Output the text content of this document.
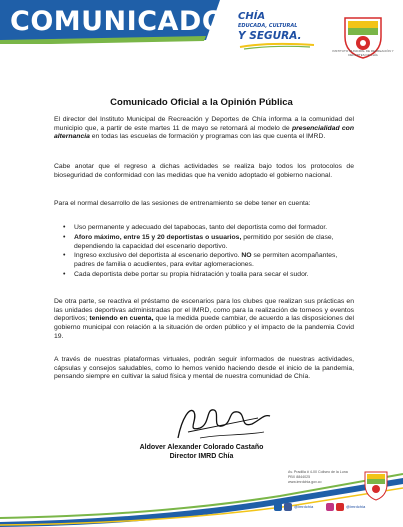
COMUNICADO CHÍA
EDUCADA, CULTURAL
Y SEGURA.
INSTITUTO MUNICIPAL DE RECREACIÓN Y DEPORTES DE CHÍA
Comunicado Oficial a la Opinión Pública
El director del Instituto Municipal de Recreación y Deportes de Chía informa a la comunidad del municipio que, a partir de este martes 11 de mayo se retornará al modelo de presencialidad con alternancia en todas las escuelas de formación y programas con las que cuenta el IMRD.
Cabe anotar que el regreso a dichas actividades se realiza bajo todos los protocolos de bioseguridad de conformidad con las medidas que ha venido adoptado el gobierno nacional.
Para el normal desarrollo de las sesiones de entrenamiento se debe tener en cuenta:
• Uso permanente y adecuado del tapabocas, tanto del deportista como del formador.
• Aforo máximo, entre 15 y 20 deportistas o usuarios, permitido por sesión de clase, dependiendo la capacidad del escenario deportivo.
• Ingreso exclusivo del deportista al escenario deportivo. NO se permiten acompañantes, padres de familia o acudientes, para evitar aglomeraciones.
• Cada deportista debe portar su propia hidratación y toalla para secar el sudor.
De otra parte, se reactiva el préstamo de escenarios para los clubes que realizan sus prácticas en las unidades deportivas administradas por el IMRD, como para la realización de torneos y eventos deportivos; teniendo en cuenta, que la medida puede cambiar, de acuerdo a las disposiciones del gobierno municipal con relación a la situación de orden público y el impacto de la pandemia Covid 19.
A través de nuestras plataformas virtuales, podrán seguir informados de nuestras actividades, cápsulas y consejos saludables, como lo hemos venido haciendo desde el inicio de la pandemia, pensando siempre en cultivar la salud física y mental de nuestra comunidad de Chía.
Aldover Alexander Colorado Castaño
Director IMRD Chía
Av. Pradilla # 4-00 Coliseo de la Luna
PBX 8844025
www.imrdchia.gov.co
@imrdchia	@imrdchia
